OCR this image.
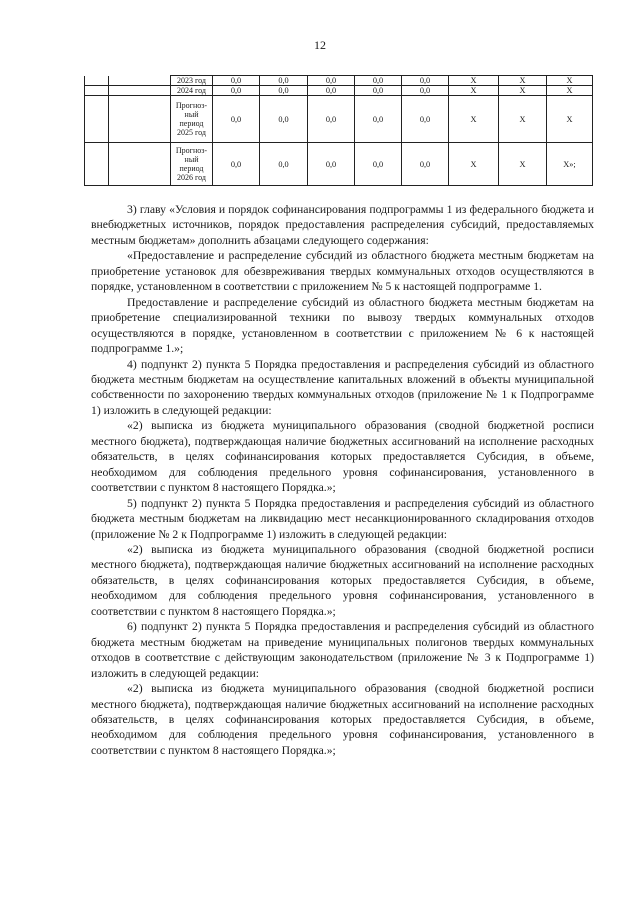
12

		2023 год	0,0	0,0	0,0	0,0	0,0	Х	Х	Х

		2024 год	0,0	0,0	0,0	0,0	0,0	Х	Х	Х

		Прогноз-
ный
период
2025 год	0,0	0,0	0,0	0,0	0,0	Х	Х	Х

		Прогноз-
ный
период
2026 год	0,0	0,0	0,0	0,0	0,0	Х	Х	Х»;

3) главу «Условия и порядок софинансирования подпрограммы 1 из федерального бюджета и внебюджетных источников, порядок предоставления распределения субсидий, предоставляемых местным бюджетам» дополнить абзацами следующего содержания:

«Предоставление и распределение субсидий из областного бюджета местным бюджетам на приобретение установок для обезвреживания твердых коммунальных отходов осуществляются в порядке, установленном в соответствии с приложением № 5 к настоящей подпрограмме 1.

Предоставление и распределение субсидий из областного бюджета местным бюджетам на приобретение специализированной техники по вывозу твердых коммунальных отходов осуществляются в порядке, установленном в соответствии с приложением № 6 к настоящей подпрограмме 1.»;

4) подпункт 2) пункта 5 Порядка предоставления и распределения субсидий из областного бюджета местным бюджетам на осуществление капитальных вложений в объекты муниципальной собственности по захоронению твердых коммунальных отходов (приложение № 1 к Подпрограмме 1) изложить в следующей редакции:

«2) выписка из бюджета муниципального образования (сводной бюджетной росписи местного бюджета), подтверждающая наличие бюджетных ассигнований на исполнение расходных обязательств, в целях софинансирования которых предоставляется Субсидия, в объеме, необходимом для соблюдения предельного уровня софинансирования, установленного в соответствии с пунктом 8 настоящего Порядка.»;

5) подпункт 2) пункта 5 Порядка предоставления и распределения субсидий из областного бюджета местным бюджетам на ликвидацию мест несанкционированного складирования отходов (приложение № 2 к Подпрограмме 1) изложить в следующей редакции:

«2) выписка из бюджета муниципального образования (сводной бюджетной росписи местного бюджета), подтверждающая наличие бюджетных ассигнований на исполнение расходных обязательств, в целях софинансирования которых предоставляется Субсидия, в объеме, необходимом для соблюдения предельного уровня софинансирования, установленного в соответствии с пунктом 8 настоящего Порядка.»;

6) подпункт 2) пункта 5 Порядка предоставления и распределения субсидий из областного бюджета местным бюджетам на приведение муниципальных полигонов твердых коммунальных отходов в соответствие с действующим законодательством (приложение № 3 к Подпрограмме 1) изложить в следующей редакции:

«2) выписка из бюджета муниципального образования (сводной бюджетной росписи местного бюджета), подтверждающая наличие бюджетных ассигнований на исполнение расходных обязательств, в целях софинансирования которых предоставляется Субсидия, в объеме, необходимом для соблюдения предельного уровня софинансирования, установленного в соответствии с пунктом 8 настоящего Порядка.»;
